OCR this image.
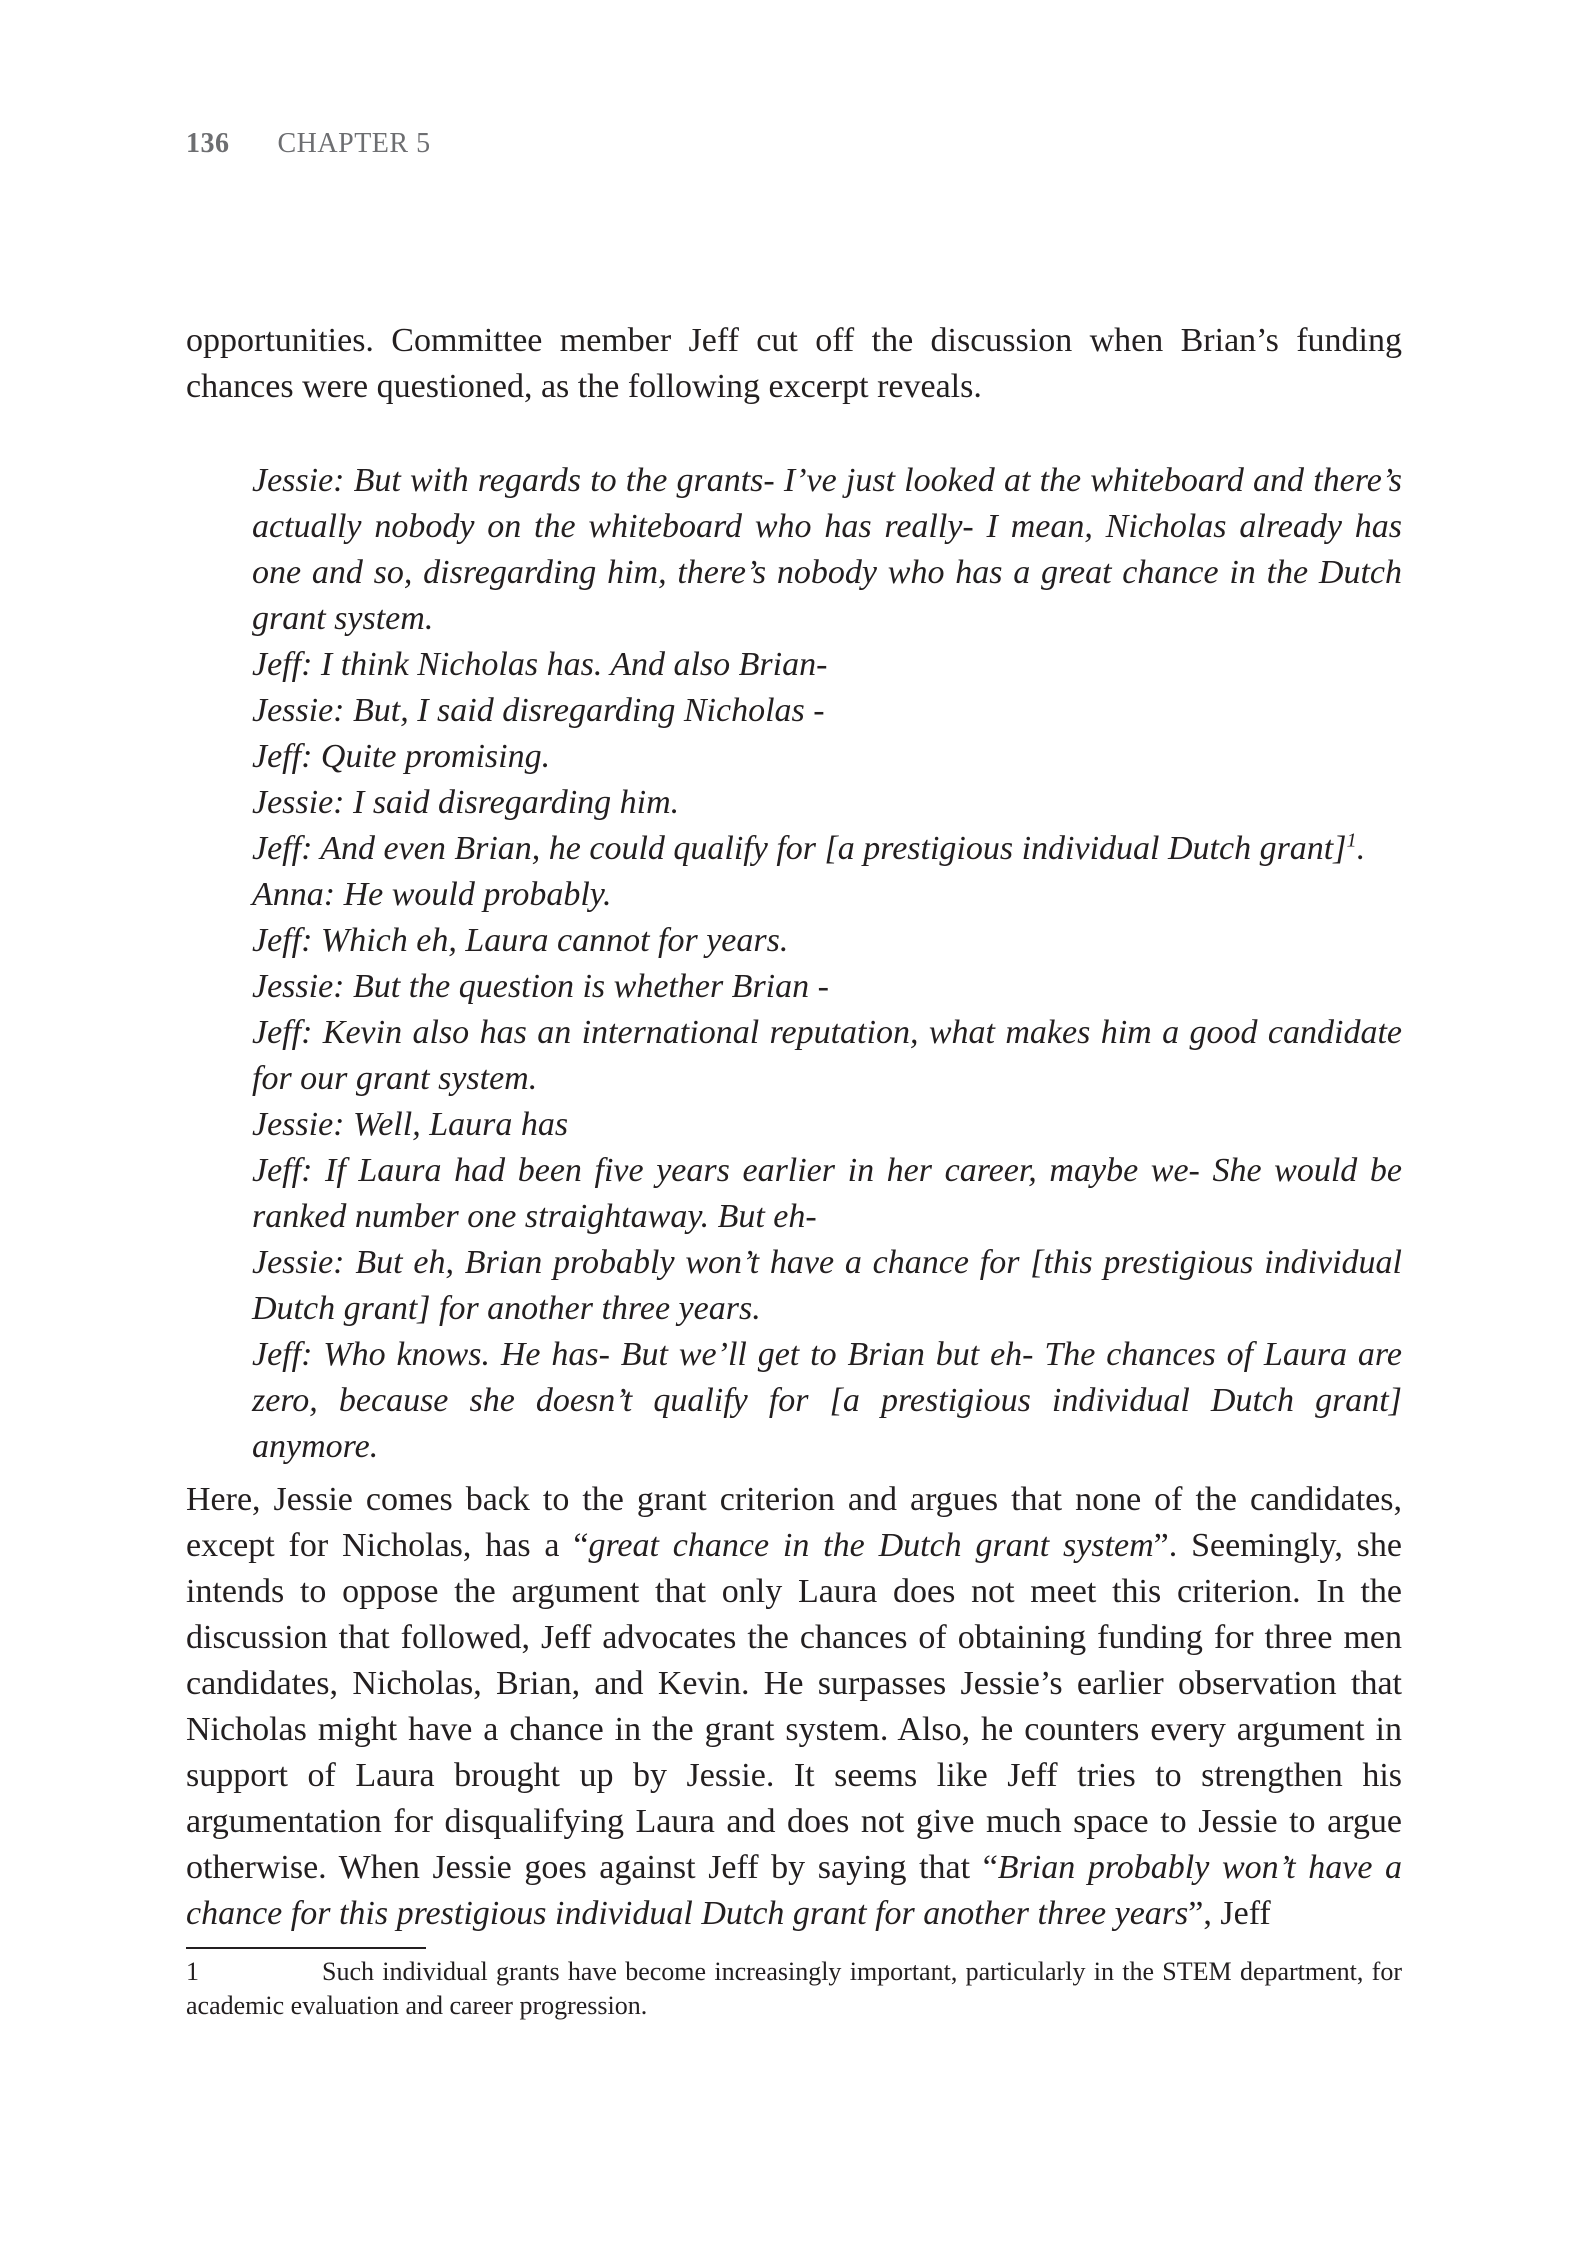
136 CHAPTER 5

opportunities. Committee member Jeff cut off the discussion when Brian’s funding chances were questioned, as the following excerpt reveals.

Jessie: But with regards to the grants- I’ve just looked at the whiteboard and there’s actually nobody on the whiteboard who has really- I mean, Nicholas already has one and so, disregarding him, there’s nobody who has a great chance in the Dutch grant system.
Jeff: I think Nicholas has. And also Brian-
Jessie: But, I said disregarding Nicholas -
Jeff: Quite promising.
Jessie: I said disregarding him.
Jeff: And even Brian, he could qualify for [a prestigious individual Dutch grant]$^1$.
Anna: He would probably.
Jeff: Which eh, Laura cannot for years.
Jessie: But the question is whether Brian -
Jeff: Kevin also has an international reputation, what makes him a good candidate for our grant system.
Jessie: Well, Laura has
Jeff: If Laura had been five years earlier in her career, maybe we- She would be ranked number one straightaway. But eh-
Jessie: But eh, Brian probably won’t have a chance for [this prestigious individual Dutch grant] for another three years.
Jeff: Who knows. He has- But we’ll get to Brian but eh- The chances of Laura are zero, because she doesn’t qualify for [a prestigious individual Dutch grant] anymore.

Here, Jessie comes back to the grant criterion and argues that none of the candidates, except for Nicholas, has a “great chance in the Dutch grant system”. Seemingly, she intends to oppose the argument that only Laura does not meet this criterion. In the discussion that followed, Jeff advocates the chances of obtaining funding for three men candidates, Nicholas, Brian, and Kevin. He surpasses Jessie’s earlier observation that Nicholas might have a chance in the grant system. Also, he counters every argument in support of Laura brought up by Jessie. It seems like Jeff tries to strengthen his argumentation for disqualifying Laura and does not give much space to Jessie to argue otherwise. When Jessie goes against Jeff by saying that “Brian probably won’t have a chance for this prestigious individual Dutch grant for another three years”, Jeff

1	Such individual grants have become increasingly important, particularly in the STEM department, for academic evaluation and career progression.
